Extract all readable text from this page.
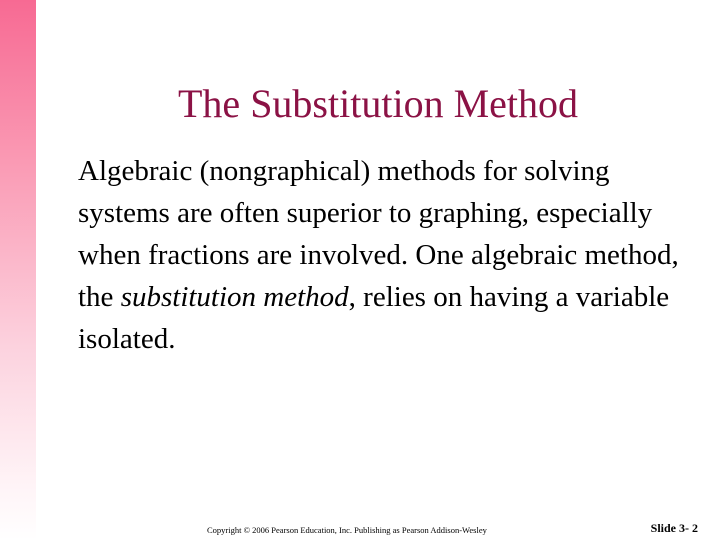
The Substitution Method

Algebraic (nongraphical) methods for solving systems are often superior to graphing, especially when fractions are involved. One algebraic method, the substitution method, relies on having a variable isolated.

Copyright © 2006 Pearson Education, Inc. Publishing as Pearson Addison-Wesley	Slide 3- 2
